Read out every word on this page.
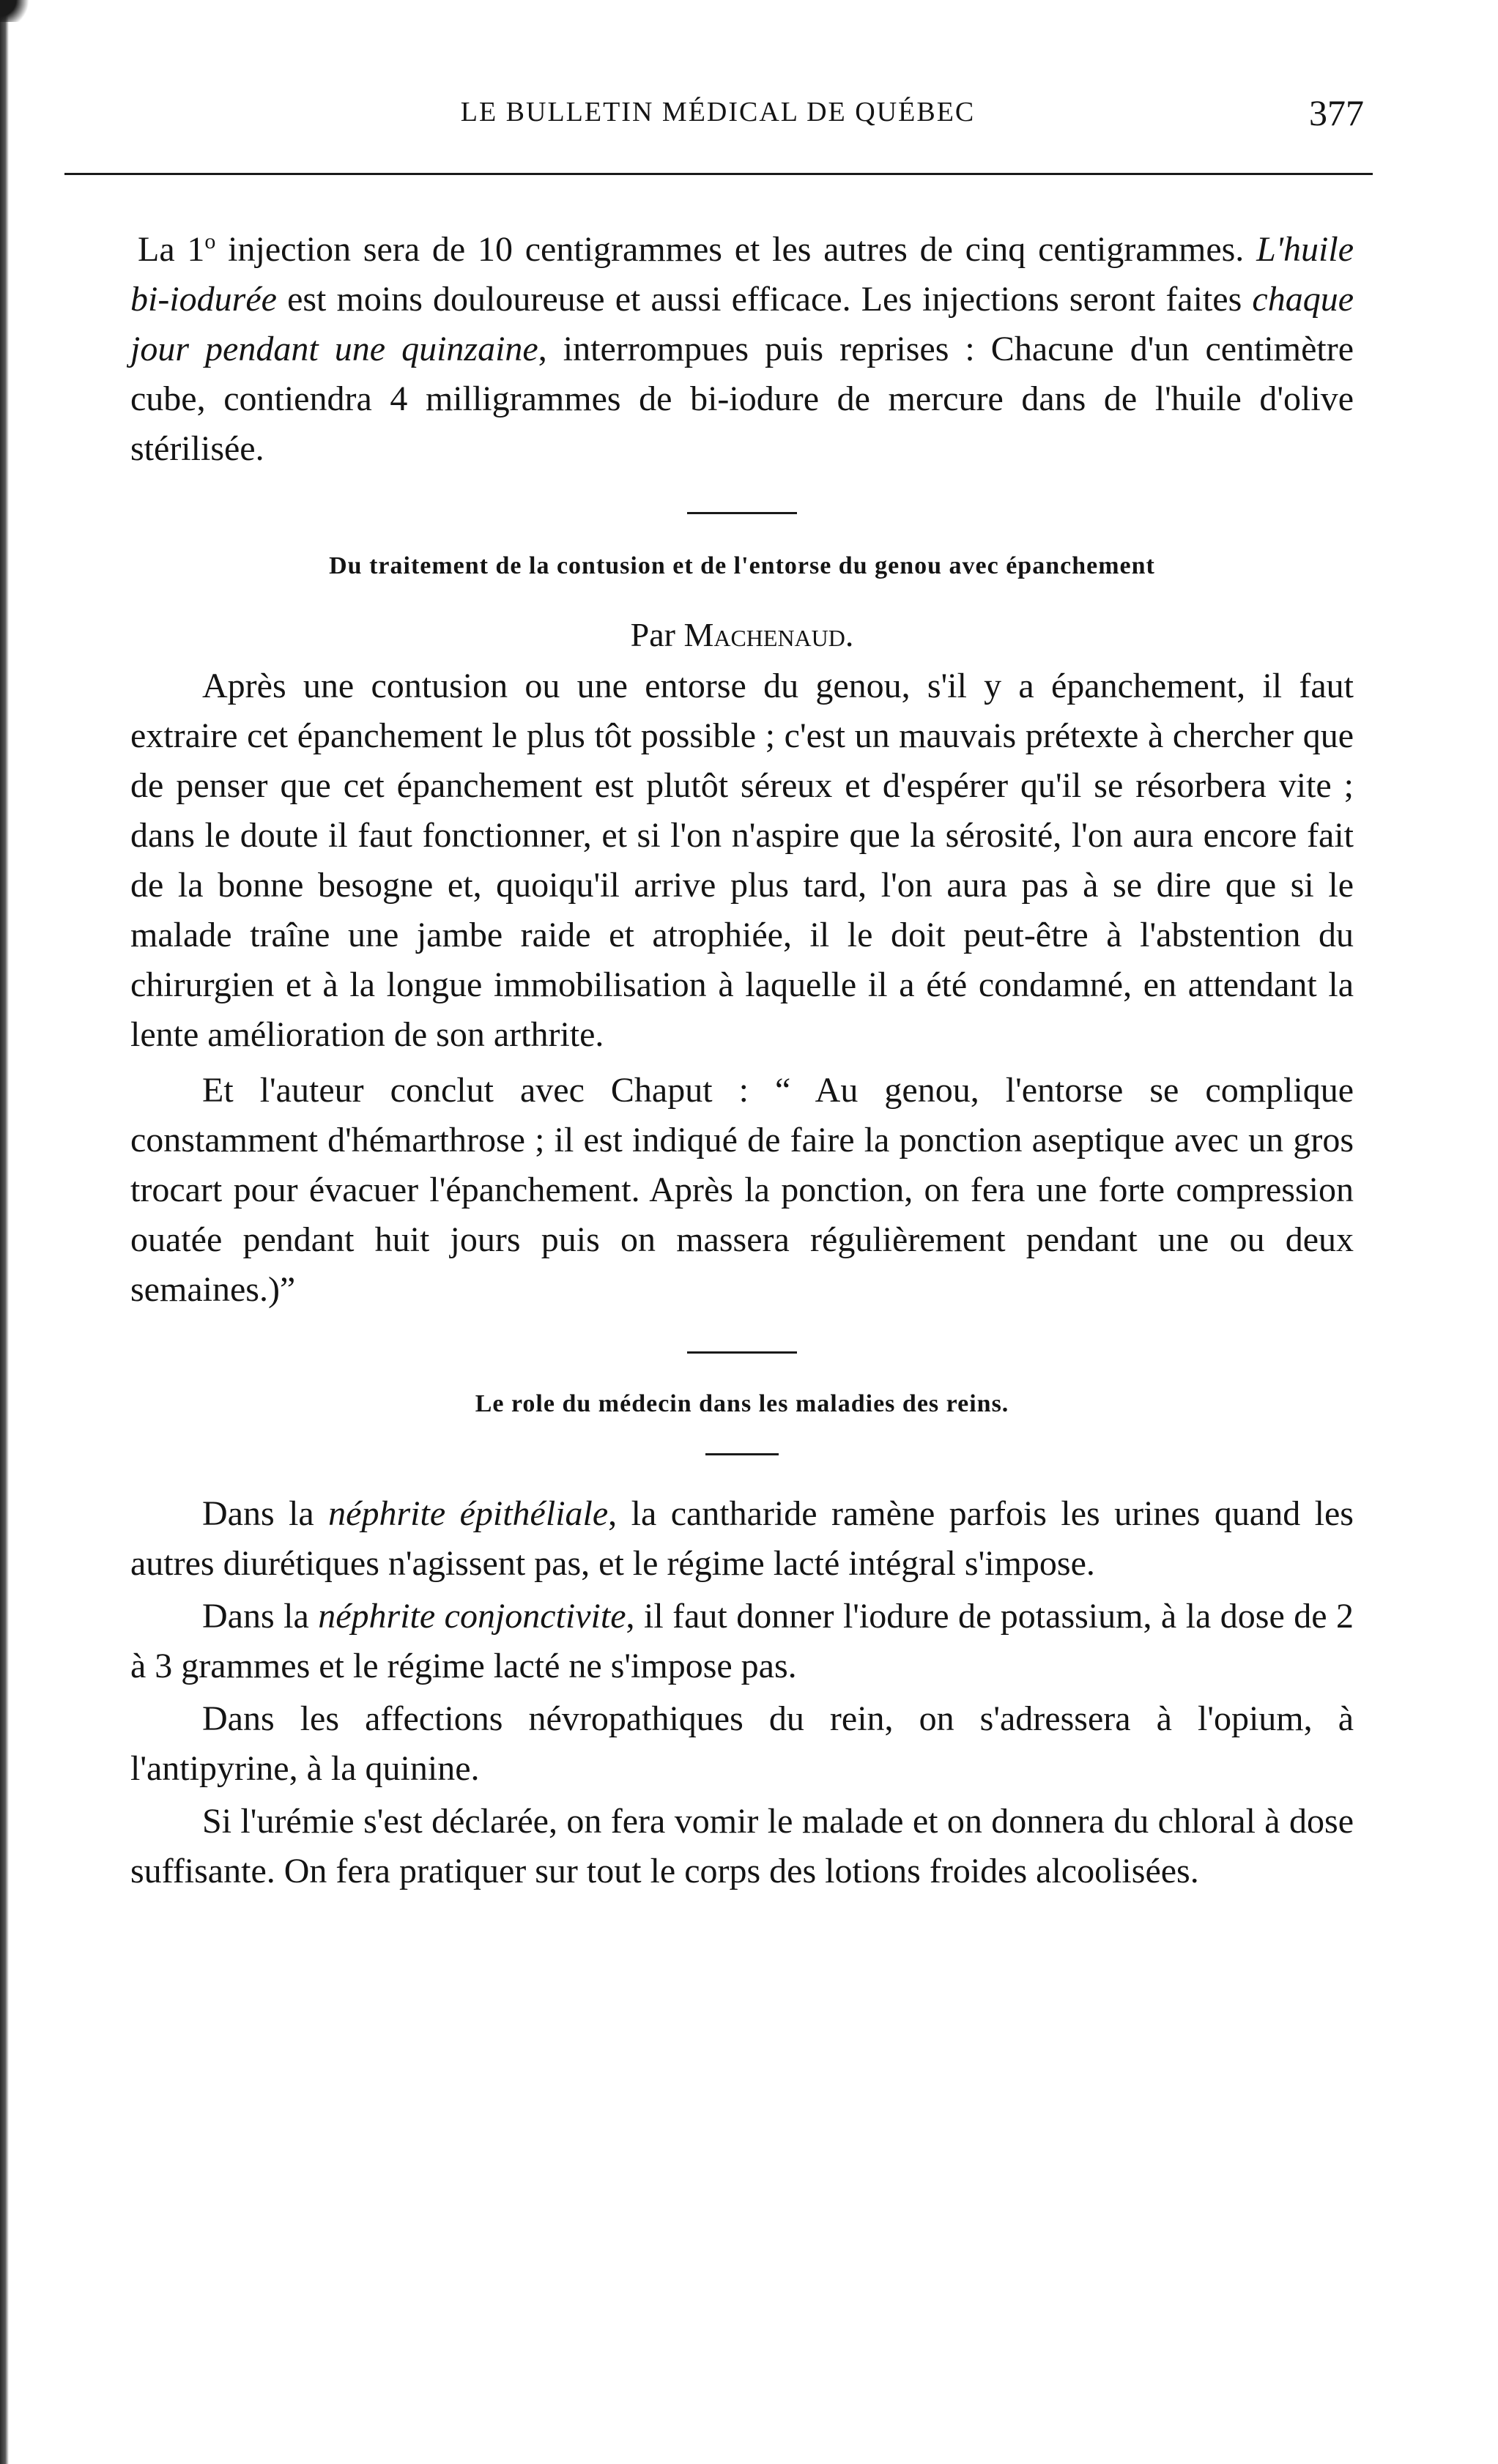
LE BULLETIN MÉDICAL DE QUÉBEC	377

La 1$^o$ injection sera de 10 centigrammes et les autres de cinq centigrammes. L'huile bi-iodurée est moins douloureuse et aussi efficace. Les injections seront faites chaque jour pendant une quinzaine, interrompues puis reprises : Chacune d'un centimètre cube, contiendra 4 milligrammes de bi-iodure de mercure dans de l'huile d'olive stérilisée.

Du traitement de la contusion et de l'entorse du genou avec épanchement

Par Machenaud.

Après une contusion ou une entorse du genou, s'il y a épanchement, il faut extraire cet épanchement le plus tôt possible ; c'est un mauvais prétexte à chercher que de penser que cet épanchement est plutôt séreux et d'espérer qu'il se résorbera vite ; dans le doute il faut fonctionner, et si l'on n'aspire que la sérosité, l'on aura encore fait de la bonne besogne et, quoiqu'il arrive plus tard, l'on aura pas à se dire que si le malade traîne une jambe raide et atrophiée, il le doit peut-être à l'abstention du chirurgien et à la longue immobilisation à laquelle il a été condamné, en attendant la lente amélioration de son arthrite.

Et l'auteur conclut avec Chaput : “ Au genou, l'entorse se complique constamment d'hémarthrose ; il est indiqué de faire la ponction aseptique avec un gros trocart pour évacuer l'épanchement. Après la ponction, on fera une forte compression ouatée pendant huit jours puis on massera régulièrement pendant une ou deux semaines.)”

Le role du médecin dans les maladies des reins.

Dans la néphrite épithéliale, la cantharide ramène parfois les urines quand les autres diurétiques n'agissent pas, et le régime lacté intégral s'impose.

Dans la néphrite conjonctivite, il faut donner l'iodure de potassium, à la dose de 2 à 3 grammes et le régime lacté ne s'impose pas.

Dans les affections névropathiques du rein, on s'adressera à l'opium, à l'antipyrine, à la quinine.

Si l'urémie s'est déclarée, on fera vomir le malade et on donnera du chloral à dose suffisante. On fera pratiquer sur tout le corps des lotions froides alcoolisées.
